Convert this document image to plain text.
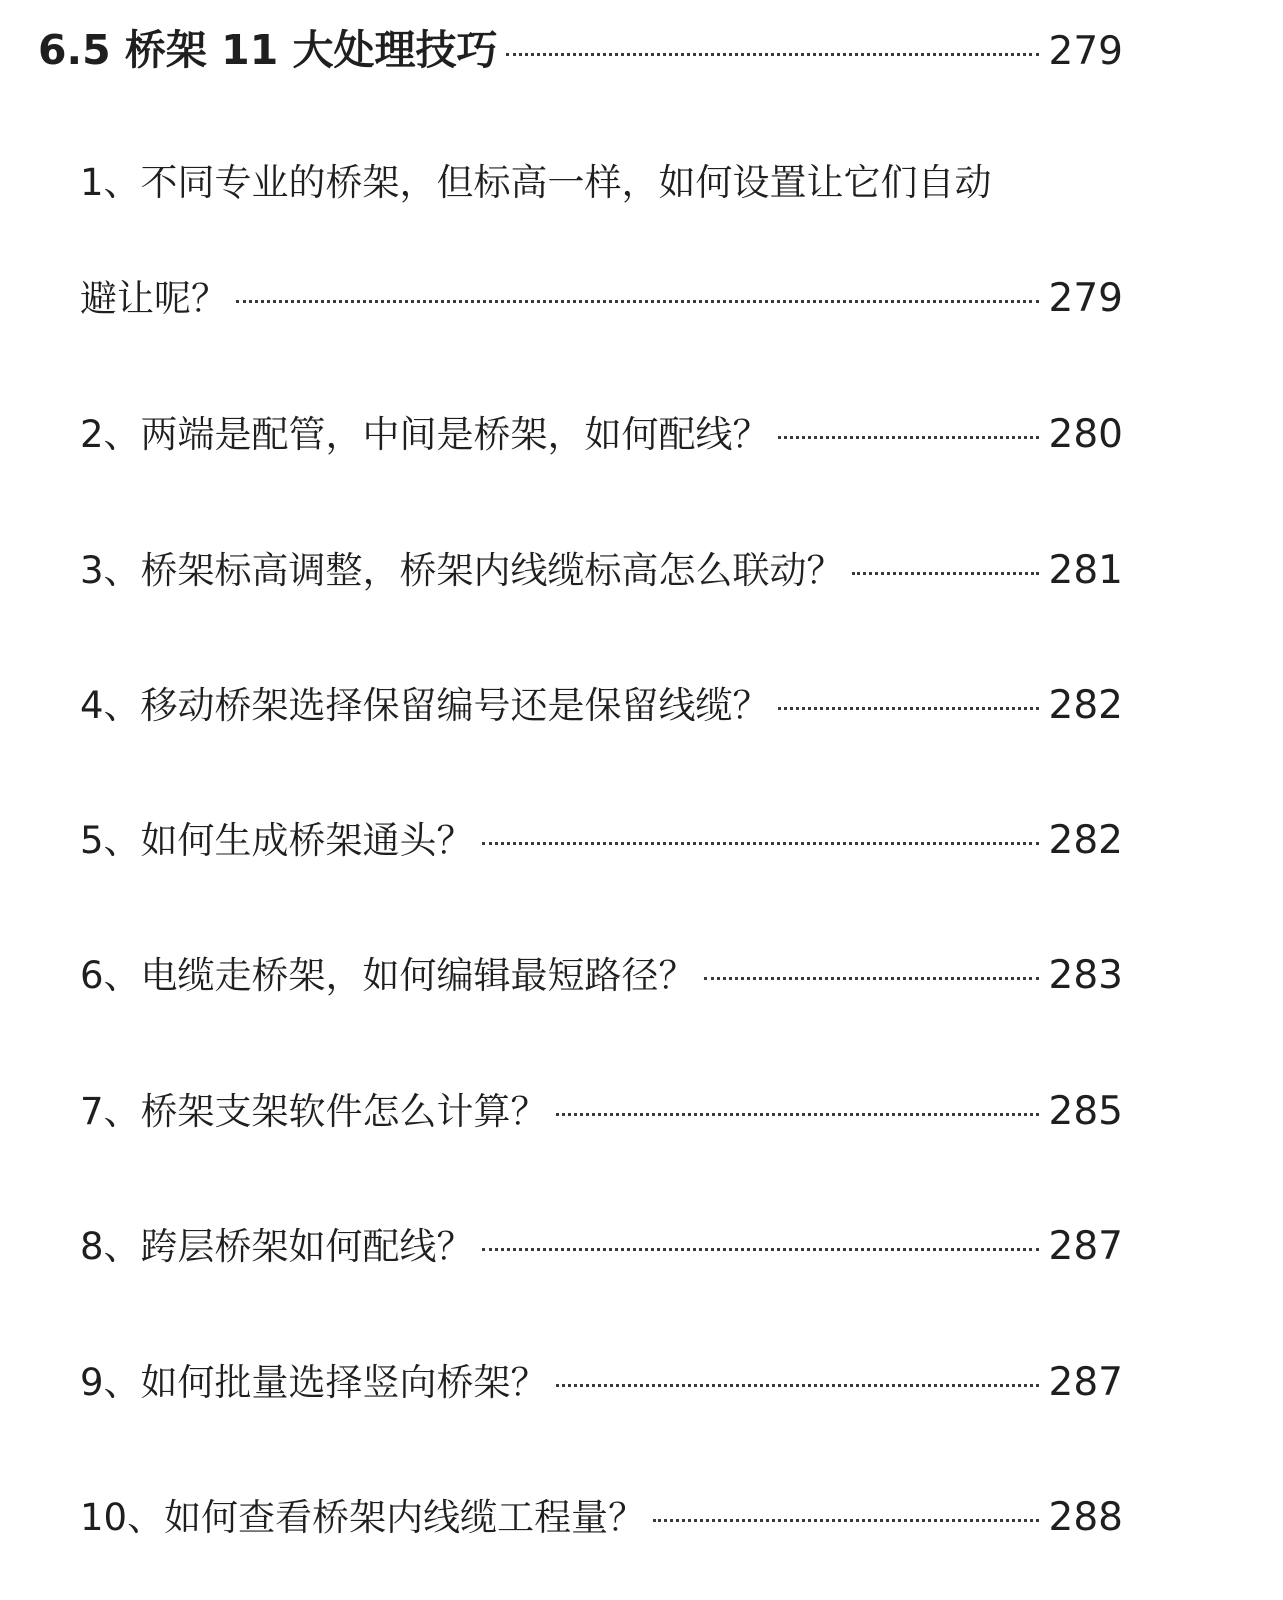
6.5 桥架 11 大处理技巧	279
1、不同专业的桥架，但标高一样，如何设置让它们自动
避让呢？	279
2、两端是配管，中间是桥架，如何配线？	280
3、桥架标高调整，桥架内线缆标高怎么联动？	281
4、移动桥架选择保留编号还是保留线缆？	282
5、如何生成桥架通头？	282
6、电缆走桥架，如何编辑最短路径？	283
7、桥架支架软件怎么计算？	285
8、跨层桥架如何配线？	287
9、如何批量选择竖向桥架？	287
10、如何查看桥架内线缆工程量？	288
